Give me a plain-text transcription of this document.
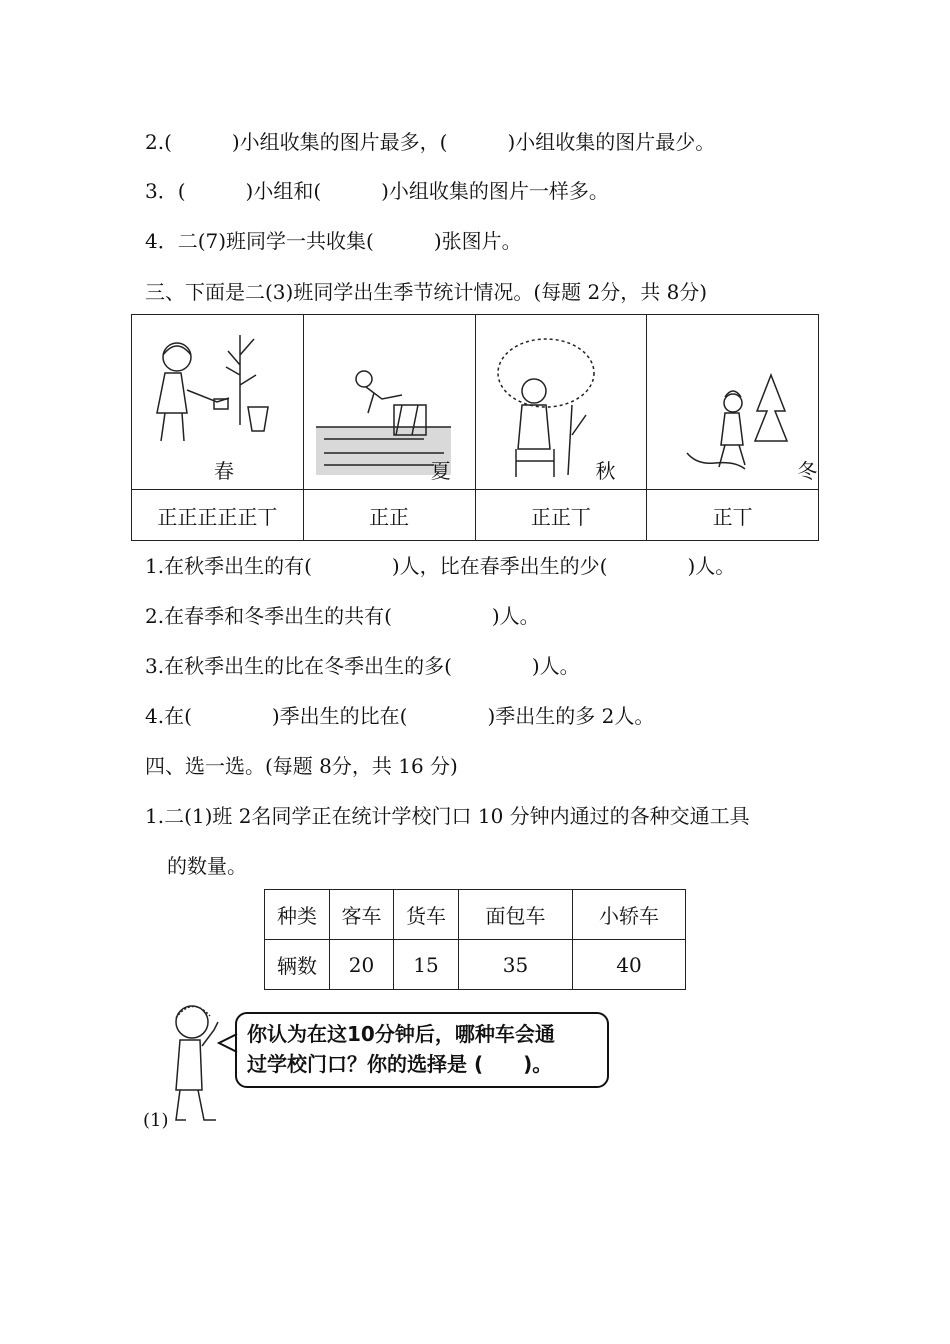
2.(　　　)小组收集的图片最多，(　　　)小组收集的图片最少。
3．(　　　)小组和(　　　)小组收集的图片一样多。
4．二(7)班同学一共收集(　　　)张图片。
三、下面是二(3)班同学出生季节统计情况。(每题 2分，共 8分)
春	夏	秋	冬

正正正正正丅	正正	正正丅	正丅
1.在秋季出生的有(　　　　)人，比在春季出生的少(　　　　)人。
2.在春季和冬季出生的共有(　　　　　)人。
3.在秋季出生的比在冬季出生的多(　　　　)人。
4.在(　　　　)季出生的比在(　　　　)季出生的多 2人。
四、选一选。(每题 8分，共 16 分)
1.二(1)班 2名同学正在统计学校门口 10 分钟内通过的各种交通工具
的数量。
种类	客车	货车	面包车	小轿车
辆数	20	15	35	40
你认为在这10分钟后，哪种车会通
过学校门口？你的选择是 (　　)。
(1)
